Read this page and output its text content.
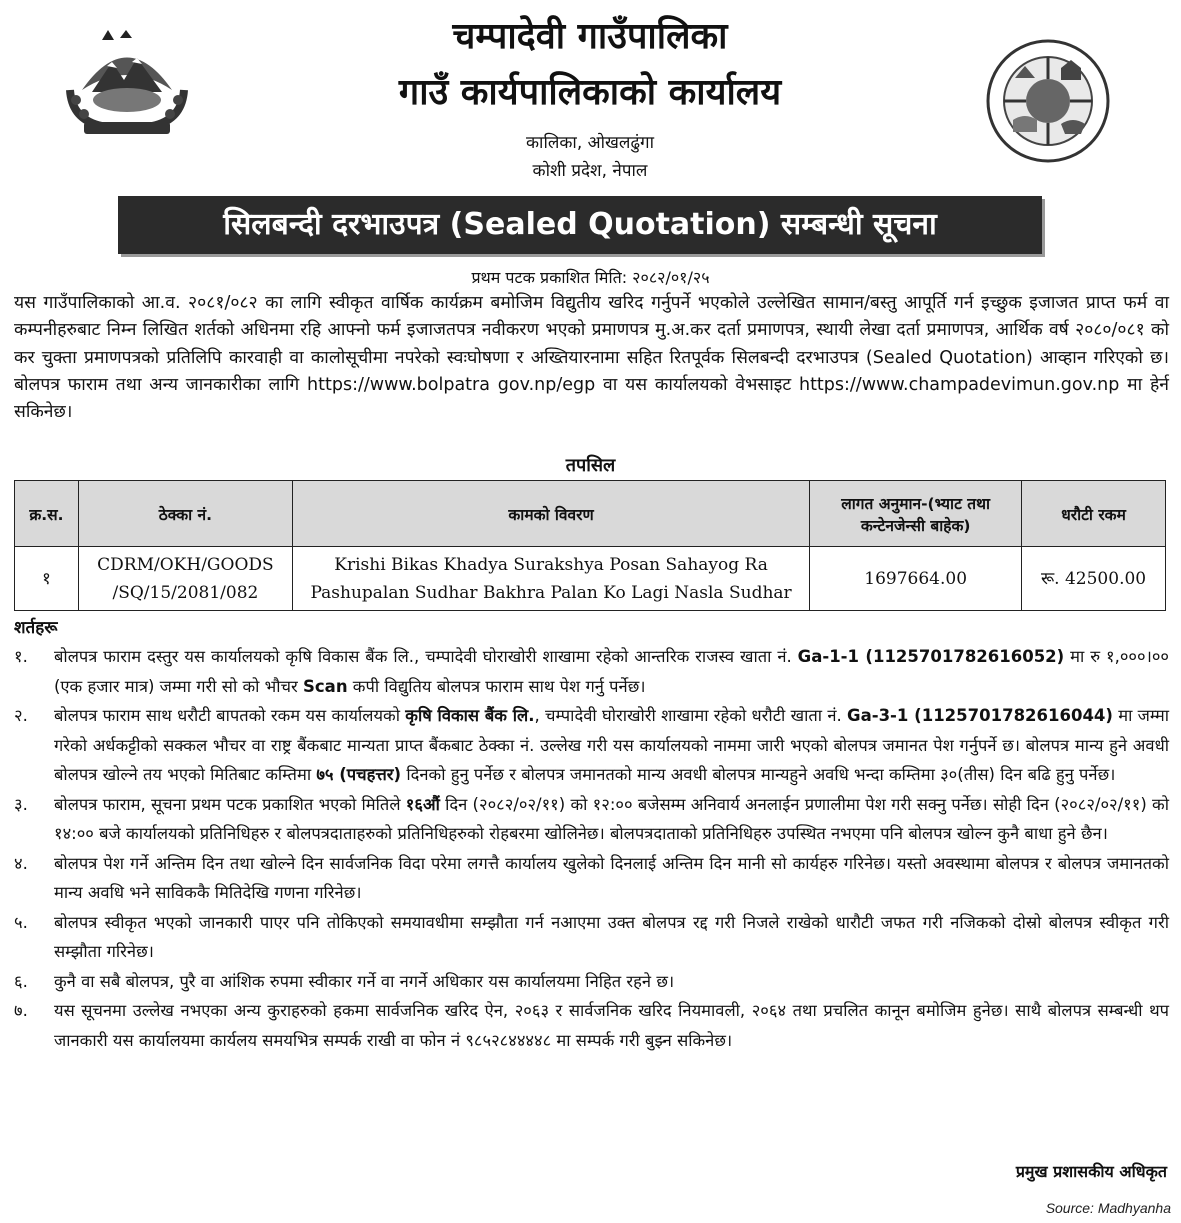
चम्पादेवी गाउँपालिका
गाउँ कार्यपालिकाको कार्यालय
कालिका, ओखलढुंगा
कोशी प्रदेश, नेपाल
सिलबन्दी दरभाउपत्र (Sealed Quotation) सम्बन्धी सूचना
प्रथम पटक प्रकाशित मिति: २०८२/०१/२५
यस गाउँपालिकाको आ.व. २०८१/०८२ का लागि स्वीकृत वार्षिक कार्यक्रम बमोजिम विद्युतीय खरिद गर्नुपर्ने भएकोले उल्लेखित सामान/बस्तु आपूर्ति गर्न इच्छुक इजाजत प्राप्त फर्म वा कम्पनीहरुबाट निम्न लिखित शर्तको अधिनमा रहि आफ्नो फर्म इजाजतपत्र नवीकरण भएको प्रमाणपत्र मु.अ.कर दर्ता प्रमाणपत्र, स्थायी लेखा दर्ता प्रमाणपत्र, आर्थिक वर्ष २०८०/०८१ को कर चुक्ता प्रमाणपत्रको प्रतिलिपि कारवाही वा कालोसूचीमा नपरेको स्वःघोषणा र अख्तियारनामा सहित रितपूर्वक सिलबन्दी दरभाउपत्र (Sealed Quotation) आव्हान गरिएको छ। बोलपत्र फाराम तथा अन्य जानकारीका लागि https://www.bolpatra gov.np/egp वा यस कार्यालयको वेभसाइट https://www.champadevimun.gov.np मा हेर्न सकिनेछ।
तपसिल
क्र.स.	ठेक्का नं.	कामको विवरण	लागत अनुमान-(भ्याट तथा कन्टेनजेन्सी बाहेक)	धरौटी रकम
१	CDRM/OKH/GOODS /SQ/15/2081/082	Krishi Bikas Khadya Surakshya Posan Sahayog Ra Pashupalan Sudhar Bakhra Palan Ko Lagi Nasla Sudhar	1697664.00	रू. 42500.00
शर्तहरू
१.	बोलपत्र फाराम दस्तुर यस कार्यालयको कृषि विकास बैंक लि., चम्पादेवी घोराखोरी शाखामा रहेको आन्तरिक राजस्व खाता नं. Ga-1-1 (1125701782616052) मा रु १,०००।०० (एक हजार मात्र) जम्मा गरी सो को भौचर Scan कपी विद्युतिय बोलपत्र फाराम साथ पेश गर्नु पर्नेछ।
२.	बोलपत्र फाराम साथ धरौटी बापतको रकम यस कार्यालयको कृषि विकास बैंक लि., चम्पादेवी घोराखोरी शाखामा रहेको धरौटी खाता नं. Ga-3-1 (1125701782616044) मा जम्मा गरेको अर्धकट्टीको सक्कल भौचर वा राष्ट्र बैंकबाट मान्यता प्राप्त बैंकबाट ठेक्का नं. उल्लेख गरी यस कार्यालयको नाममा जारी भएको बोलपत्र जमानत पेश गर्नुपर्ने छ। बोलपत्र मान्य हुने अवधी बोलपत्र खोल्ने तय भएको मितिबाट कम्तिमा ७५ (पचहत्तर) दिनको हुनु पर्नेछ र बोलपत्र जमानतको मान्य अवधी बोलपत्र मान्यहुने अवधि भन्दा कम्तिमा ३०(तीस) दिन बढि हुनु पर्नेछ।
३.	बोलपत्र फाराम, सूचना प्रथम पटक प्रकाशित भएको मितिले १६औं दिन (२०८२/०२/११) को १२:०० बजेसम्म अनिवार्य अनलाईन प्रणालीमा पेश गरी सक्नु पर्नेछ। सोही दिन (२०८२/०२/११) को १४:०० बजे कार्यालयको प्रतिनिधिहरु र बोलपत्रदाताहरुको प्रतिनिधिहरुको रोहबरमा खोलिनेछ। बोलपत्रदाताको प्रतिनिधिहरु उपस्थित नभएमा पनि बोलपत्र खोल्न कुनै बाधा हुने छैन।
४.	बोलपत्र पेश गर्ने अन्तिम दिन तथा खोल्ने दिन सार्वजनिक विदा परेमा लगत्तै कार्यालय खुलेको दिनलाई अन्तिम दिन मानी सो कार्यहरु गरिनेछ। यस्तो अवस्थामा बोलपत्र र बोलपत्र जमानतको मान्य अवधि भने साविककै मितिदेखि गणना गरिनेछ।
५.	बोलपत्र स्वीकृत भएको जानकारी पाएर पनि तोकिएको समयावधीमा सम्झौता गर्न नआएमा उक्त बोलपत्र रद्द गरी निजले राखेको धारौटी जफत गरी नजिकको दोस्रो बोलपत्र स्वीकृत गरी सम्झौता गरिनेछ।
६.	कुनै वा सबै बोलपत्र, पुरै वा आंशिक रुपमा स्वीकार गर्ने वा नगर्ने अधिकार यस कार्यालयमा निहित रहने छ।
७.	यस सूचनमा उल्लेख नभएका अन्य कुराहरुको हकमा सार्वजनिक खरिद ऐन, २०६३ र सार्वजनिक खरिद नियमावली, २०६४ तथा प्रचलित कानून बमोजिम हुनेछ। साथै बोलपत्र सम्बन्धी थप जानकारी यस कार्यालयमा कार्यलय समयभित्र सम्पर्क राखी वा फोन नं ९८५२८४४४४८ मा सम्पर्क गरी बुझ्न सकिनेछ।
प्रमुख प्रशासकीय अधिकृत
Source: Madhyanha
